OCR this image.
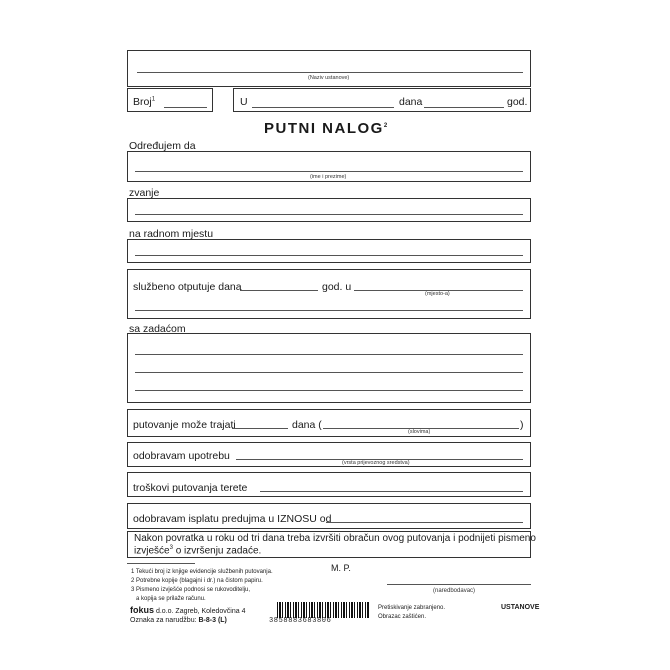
(Naziv ustanove)
Broj$^1$	U	dana	god.
PUTNI NALOG$^2$
Određujem da
(ime i prezime)
zvanje
na radnom mjestu
službeno otputuje dana	god. u
(mjesto-a)
sa zadaćom
putovanje može trajati	dana (
(slovima)
)
odobravam upotrebu
(vrsta prijevoznog sredstva)
troškovi putovanja terete
odobravam isplatu predujma u IZNOSU od
Nakon povratka u roku od tri dana treba izvršiti obračun ovog putovanja i podnijeti pismeno
izvješće$^3$ o izvršenju zadaće.
1 Tekući broj iz knjige evidencije službenih putovanja.
2 Potrebne kopije (blagajni i dr.) na čistom papiru.
3 Pismeno izvješće podnosi se rukovoditelju,
a kopija se prilaže računu.
M. P.
(naredbodavac)
fokus d.o.o. Zagreb, Koledovčina 4
Oznaka za narudžbu: B-8-3 (L)	3858883683806
Pretiskivanje zabranjeno.
Obrazac zaštićen.
USTANOVE
